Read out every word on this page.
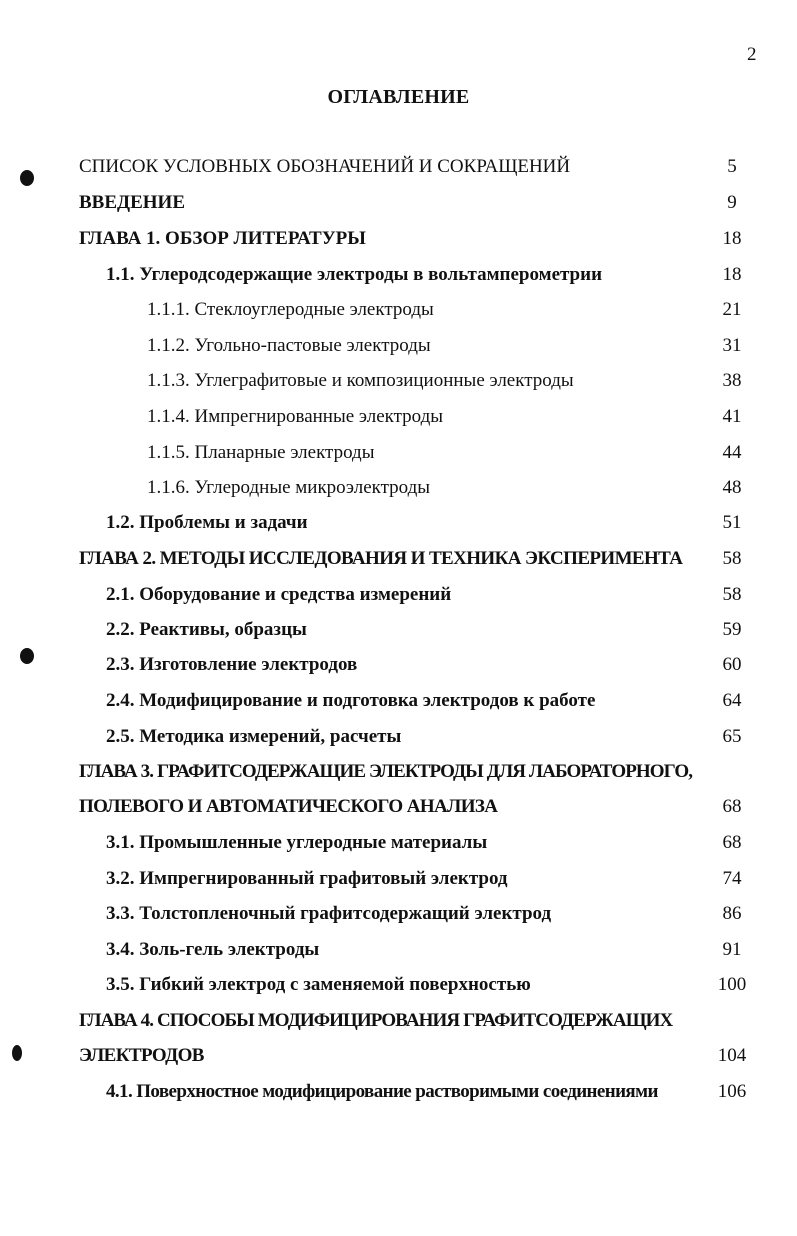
2
ОГЛАВЛЕНИЕ
СПИСОК УСЛОВНЫХ ОБОЗНАЧЕНИЙ И СОКРАЩЕНИЙ	5
ВВЕДЕНИЕ	9
ГЛАВА 1. ОБЗОР ЛИТЕРАТУРЫ	18
1.1. Углеродсодержащие электроды в вольтамперометрии	18
1.1.1. Стеклоуглеродные электроды	21
1.1.2. Угольно-пастовые электроды	31
1.1.3. Углеграфитовые и композиционные электроды	38
1.1.4. Импрегнированные электроды	41
1.1.5. Планарные электроды	44
1.1.6. Углеродные микроэлектроды	48
1.2. Проблемы и задачи	51
ГЛАВА 2. МЕТОДЫ ИССЛЕДОВАНИЯ И ТЕХНИКА ЭКСПЕРИМЕНТА	58
2.1. Оборудование и средства измерений	58
2.2. Реактивы, образцы	59
2.3. Изготовление электродов	60
2.4. Модифицирование и подготовка электродов к работе	64
2.5. Методика измерений, расчеты	65
ГЛАВА 3. ГРАФИТСОДЕРЖАЩИЕ ЭЛЕКТРОДЫ ДЛЯ ЛАБОРАТОРНОГО,
ПОЛЕВОГО И АВТОМАТИЧЕСКОГО АНАЛИЗА	68
3.1. Промышленные углеродные материалы	68
3.2. Импрегнированный графитовый электрод	74
3.3. Толстопленочный графитсодержащий электрод	86
3.4. Золь-гель электроды	91
3.5. Гибкий электрод с заменяемой поверхностью	100
ГЛАВА 4. СПОСОБЫ МОДИФИЦИРОВАНИЯ ГРАФИТСОДЕРЖАЩИХ
ЭЛЕКТРОДОВ	104
4.1. Поверхностное модифицирование растворимыми соединениями	106
